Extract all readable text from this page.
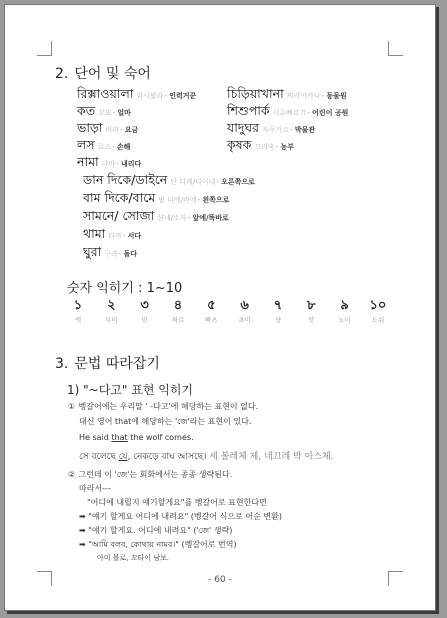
2. 단어 및 숙어
রিক্সাওয়ালা 릭샤왈라 - 인력거꾼
কত 꼬또 - 얼마
ভাড়া 바라 - 요금
লস 로스 - 손해
নামা 나마 - 내리다
ডান দিকে/ডাইনে 단 디께/다이네 - 오른쪽으로
বাম দিকে/বামে 밤 디께/바메 - 왼쪽으로
সামনে/ সোজা 샴네/소자 - 앞에/똑바로
থামা 타마 - 서다
ঘুরা 구라 - 돌다
চিড়িয়াখানা 찌리야카나 - 동물원
শিশুপার্ক 시슈빠르끄 - 어린이 공원
যাদুঘর 자두거르 - 박물관
কৃষক 끄리숙 - 농부
숫자 익히기 : 1~10
১
엑
২
두이
৩
띤
৪
짜르
৫
빠츠
৬
초이
৭
샷
৮
앗
৯
노이
১০
도쉬
3. 문법 따라잡기
1) "~다고" 표현 익히기
① 벵갈어에는 우리말 ' -다고'에 해당하는 표현이 없다.
대신 영어 that에 해당하는 'জে'라는 표현이 있다.
He said that the wolf comes.
সে বলেছে যে, নেকড়ে বাঘ আসছে। 세 볼레체 제, 네끄레 박 아스체.
② 그런데 이 'জে'는 회화에서는 종종 생략된다.
따라서---
"어디에 내릴지 얘기할게요"를 벵갈어로 표현한다면
➡ "얘기 할게요 어디에 내려요" (벵갈어 식으로 어순 변환)
➡ "얘기 할게요. 어디에 내려요" ('জে' 생략)
➡ "আমি বলব, কোথায় নামব।" (벵갈어로 번역)
아미 볼로, 꼬타이 남보.
- 60 -
